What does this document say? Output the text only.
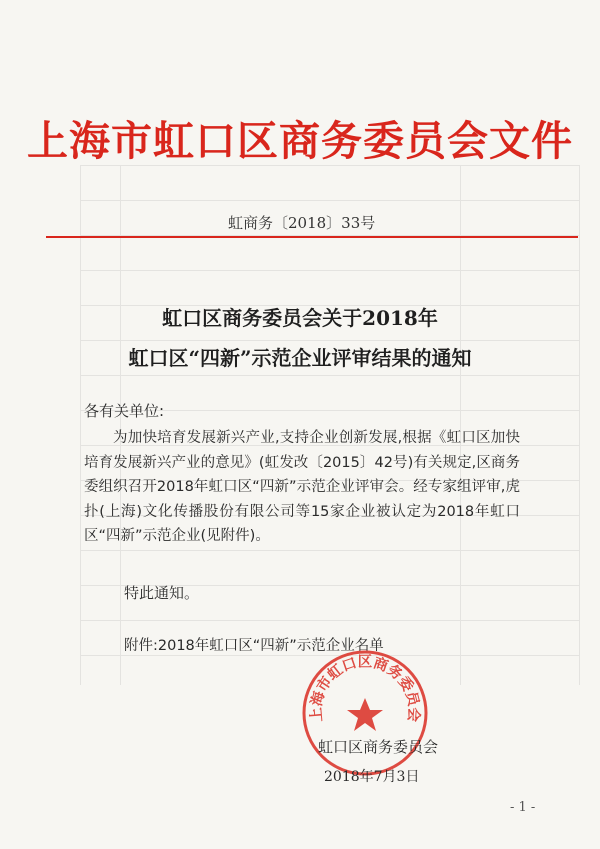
上海市虹口区商务委员会文件
虹商务〔2018〕33号
虹口区商务委员会关于2018年
虹口区“四新”示范企业评审结果的通知
各有关单位:

为加快培育发展新兴产业,支持企业创新发展,根据《虹口区加快培育发展新兴产业的意见》(虹发改〔2015〕42号)有关规定,区商务委组织召开2018年虹口区“四新”示范企业评审会。经专家组评审,虎扑(上海)文化传播股份有限公司等15家企业被认定为2018年虹口区“四新”示范企业(见附件)。

特此通知。
附件:2018年虹口区“四新”示范企业名单
上海市虹口区商务委员会
虹口区商务委员会
2018年7月3日
- 1 -
